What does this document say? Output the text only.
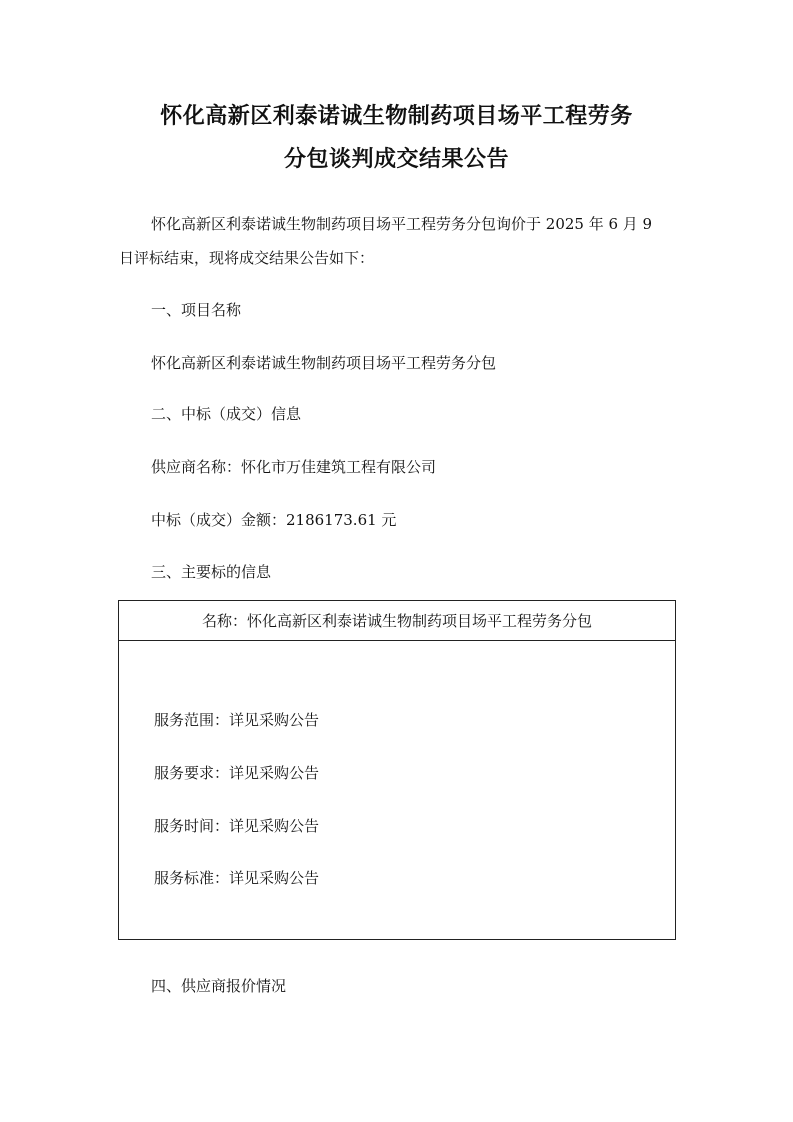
怀化高新区利泰诺诚生物制药项目场平工程劳务
分包谈判成交结果公告
怀化高新区利泰诺诚生物制药项目场平工程劳务分包询价于 2025 年 6 月 9
日评标结束，现将成交结果公告如下：
一、项目名称
怀化高新区利泰诺诚生物制药项目场平工程劳务分包
二、中标（成交）信息
供应商名称：怀化市万佳建筑工程有限公司
中标（成交）金额：2186173.61 元
三、主要标的信息
名称：怀化高新区利泰诺诚生物制药项目场平工程劳务分包
服务范围：详见采购公告
服务要求：详见采购公告
服务时间：详见采购公告
服务标准：详见采购公告
四、供应商报价情况
